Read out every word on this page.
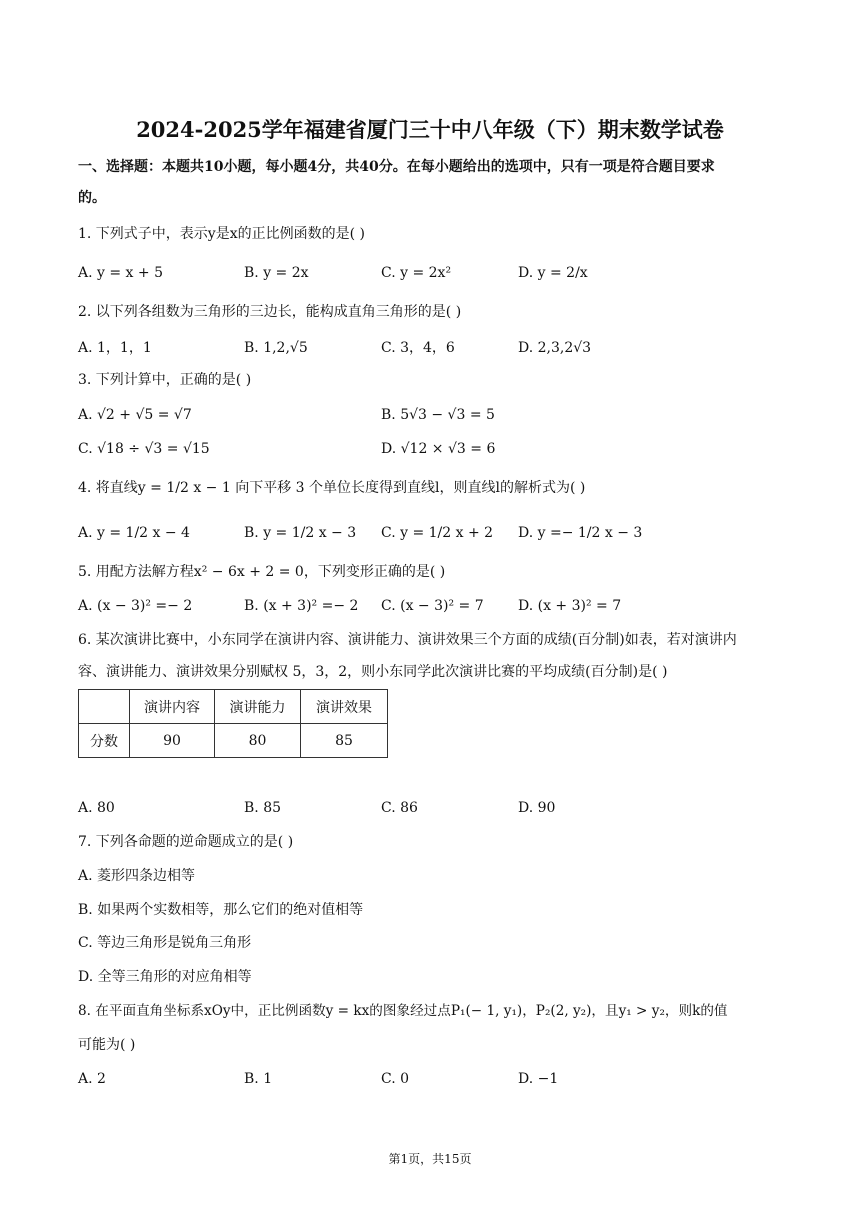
2024-2025学年福建省厦门三十中八年级（下）期末数学试卷
一、选择题：本题共10小题，每小题4分，共40分。在每小题给出的选项中，只有一项是符合题目要求
的。
1. 下列式子中，表示y是x的正比例函数的是( )
A. y = x + 5	B. y = 2x	C. y = 2x²	D. y = 2/x
2. 以下列各组数为三角形的三边长，能构成直角三角形的是( )
A. 1，1，1	B. 1,2,√5	C. 3，4，6	D. 2,3,2√3
3. 下列计算中，正确的是( )
A. √2 + √5 = √7	B. 5√3 − √3 = 5
C. √18 ÷ √3 = √15	D. √12 × √3 = 6
4. 将直线y = 1/2 x − 1 向下平移 3 个单位长度得到直线l，则直线l的解析式为( )
A. y = 1/2 x − 4	B. y = 1/2 x − 3 C. y = 1/2 x + 2 D. y =− 1/2 x − 3
5. 用配方法解方程x² − 6x + 2 = 0，下列变形正确的是( )
A. (x − 3)² =− 2	B. (x + 3)² =− 2 C. (x − 3)² = 7 D. (x + 3)² = 7
6. 某次演讲比赛中，小东同学在演讲内容、演讲能力、演讲效果三个方面的成绩(百分制)如表，若对演讲内
容、演讲能力、演讲效果分别赋权 5，3，2，则小东同学此次演讲比赛的平均成绩(百分制)是( )
	演讲内容	演讲能力	演讲效果
分数	90	80	85
A. 80	B. 85	C. 86	D. 90
7. 下列各命题的逆命题成立的是( )
A. 菱形四条边相等
B. 如果两个实数相等，那么它们的绝对值相等
C. 等边三角形是锐角三角形
D. 全等三角形的对应角相等
8. 在平面直角坐标系xOy中，正比例函数y = kx的图象经过点P₁(− 1, y₁)，P₂(2, y₂)，且y₁ > y₂，则k的值
可能为( )
A. 2	B. 1	C. 0	D. −1
第1页，共15页
